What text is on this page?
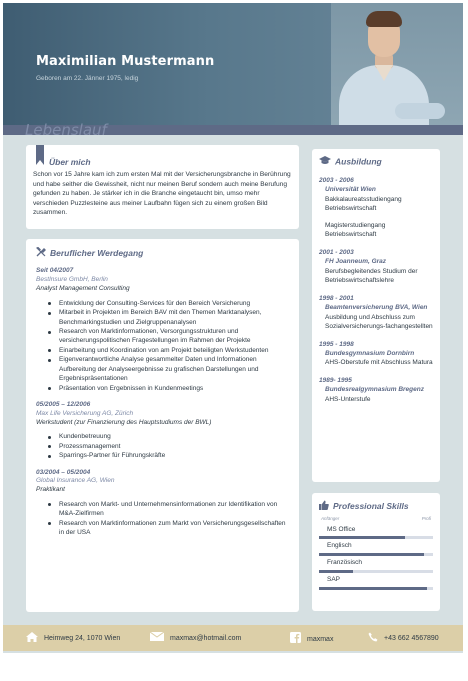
Maximilian Mustermann
Geboren am 22. Jänner 1975, ledig
Lebenslauf
Über mich

Schon vor 15 Jahre kam ich zum ersten Mal mit der Versicherungsbranche in Berührung und habe seither die Gewissheit, nicht nur meinen Beruf sondern auch meine Berufung gefunden zu haben. Je stärker ich in die Branche eingetaucht bin, umso mehr verschieden Puzzlesteine aus meiner Laufbahn fügen sich zu einem großen Bild zusammen.

Beruflicher Werdegang
Seit 04/2007
BestInsure GmbH, Berlin
Analyst Management Consulting
Entwicklung der Consulting-Services für den Bereich Versicherung
Mitarbeit in Projekten im Bereich BAV mit den Themen Marktanalysen, Benchmarkingstudien und Zielgruppenanalysen
Research von Marktinformationen, Versorgungsstrukturen und versicherungspolitischen Fragestellungen im Rahmen der Projekte
Einarbeitung und Koordination von am Projekt beteiligten Werkstudenten
Eigenverantwortliche Analyse gesammelter Daten und Informationen Aufbereitung der Analyseergebnisse zu grafischen Darstellungen und Ergebnispräsentationen
Präsentation von Ergebnissen in Kundenmeetings
05/2005 – 12/2006
Max Life Versicherung AG, Zürich
Werkstudent (zur Finanzierung des Hauptstudiums der BWL)
Kundenbetreuung
Prozessmanagement
Sparrings-Partner für Führungskräfte
03/2004 – 05/2004
Global Insurance AG, Wien
Praktikant
Research von Markt- und Unternehmensinformationen zur Identifikation von M&A-Zielfirmen
Research von Marktinformationen zum Markt von Versicherungsgesellschaften in der USA
Ausbildung
2003 - 2006
Universität Wien
Bakkalaureatsstudiengang Betriebswirtschaft
Magisterstudiengang Betriebswirtschaft
2001 - 2003
FH Joanneum, Graz
Berufsbegleitendes Studium der Betriebswirtschaftslehre
1998 - 2001
Beamtenversicherung BVA, Wien
Ausbildung und Abschluss zum Sozialversicherungs-fachangestellten
1995 - 1998
Bundesgymnasium Dornbirn
AHS-Oberstufe mit Abschluss Matura
1989- 1995
Bundesrealgymnasium Bregenz
AHS-Unterstufe
Professional Skills
Anfänger	Profi
MS Office
Englisch
Französisch
SAP
Heimweg 24, 1070 Wien	maxmax@hotmail.com	maxmax	+43 662 4567890
